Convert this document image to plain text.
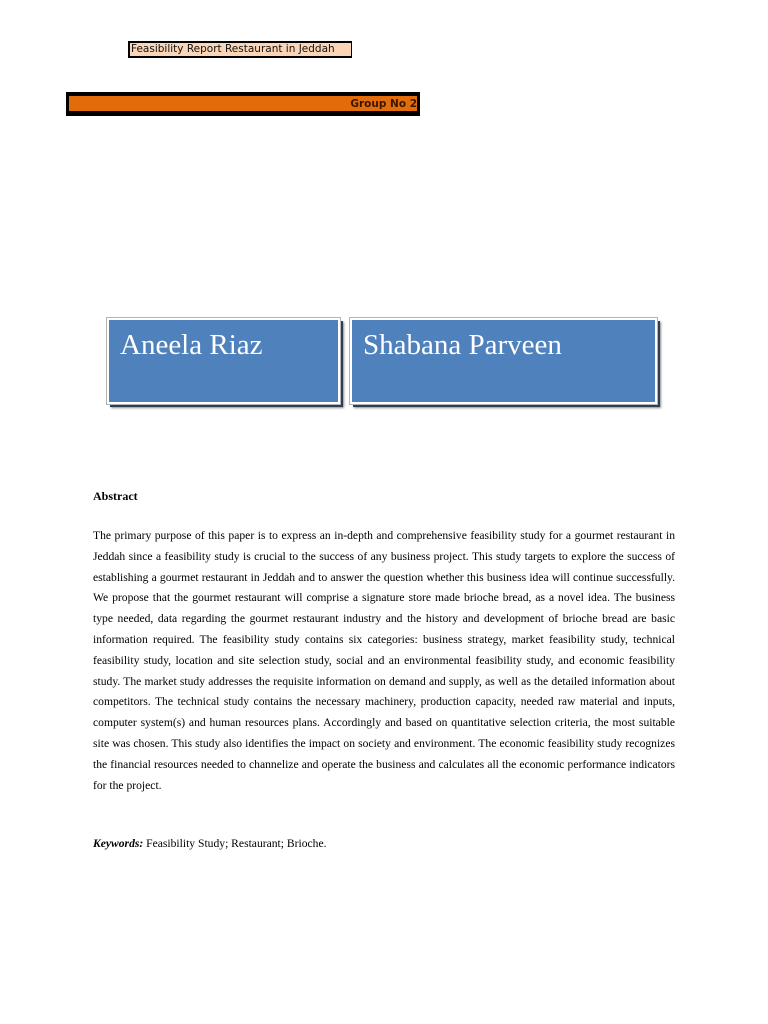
Feasibility Report Restaurant in Jeddah
Group No 2
Aneela Riaz	Shabana Parveen

Abstract

The primary purpose of this paper is to express an in-depth and comprehensive feasibility study for a gourmet restaurant in Jeddah since a feasibility study is crucial to the success of any business project. This study targets to explore the success of establishing a gourmet restaurant in Jeddah and to answer the question whether this business idea will continue successfully. We propose that the gourmet restaurant will comprise a signature store made brioche bread, as a novel idea. The business type needed, data regarding the gourmet restaurant industry and the history and development of brioche bread are basic information required. The feasibility study contains six categories: business strategy, market feasibility study, technical feasibility study, location and site selection study, social and an environmental feasibility study, and economic feasibility study. The market study addresses the requisite information on demand and supply, as well as the detailed information about competitors. The technical study contains the necessary machinery, production capacity, needed raw material and inputs, computer system(s) and human resources plans. Accordingly and based on quantitative selection criteria, the most suitable site was chosen. This study also identifies the impact on society and environment. The economic feasibility study recognizes the financial resources needed to channelize and operate the business and calculates all the economic performance indicators for the project.

Keywords: Feasibility Study; Restaurant; Brioche.
